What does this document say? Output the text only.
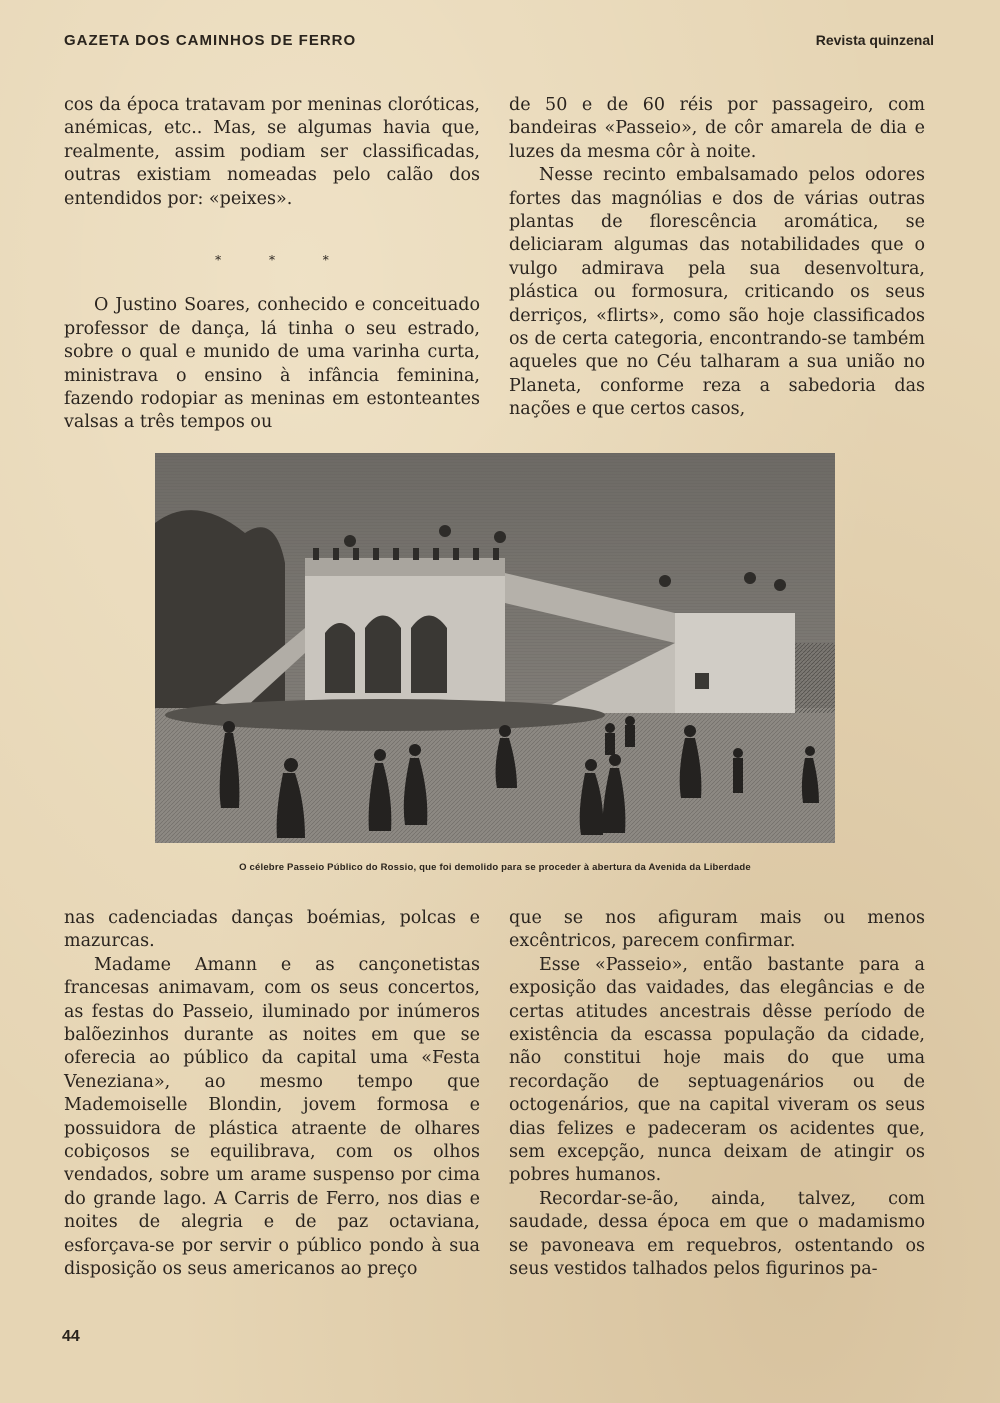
GAZETA DOS CAMINHOS DE FERRO	Revista quinzenal

cos da época tratavam por meninas cloróticas, anémicas, etc.. Mas, se algumas havia que, realmente, assim podiam ser classificadas, outras existiam nomeadas pelo calão dos entendidos por: «peixes».

* * *

O Justino Soares, conhecido e conceituado professor de dança, lá tinha o seu estrado, sobre o qual e munido de uma varinha curta, ministrava o ensino à infância feminina, fazendo rodopiar as meninas em estonteantes valsas a três tempos ou

de 50 e de 60 réis por passageiro, com bandeiras «Passeio», de côr amarela de dia e luzes da mesma côr à noite.

Nesse recinto embalsamado pelos odores fortes das magnólias e dos de várias outras plantas de florescência aromática, se deliciaram algumas das notabilidades que o vulgo admirava pela sua desenvoltura, plástica ou formosura, criticando os seus derriços, «flirts», como são hoje classificados os de certa categoria, encontrando-se também aqueles que no Céu talharam a sua união no Planeta, conforme reza a sabedoria das nações e que certos casos,

O célebre Passeio Público do Rossio, que foi demolido para se proceder à abertura da Avenida da Liberdade

nas cadenciadas danças boémias, polcas e mazurcas.

Madame Amann e as cançonetistas francesas animavam, com os seus concertos, as festas do Passeio, iluminado por inúmeros balõezinhos durante as noites em que se oferecia ao público da capital uma «Festa Veneziana», ao mesmo tempo que Mademoiselle Blondin, jovem formosa e possuidora de plástica atraente de olhares cobiçosos se equilibrava, com os olhos vendados, sobre um arame suspenso por cima do grande lago. A Carris de Ferro, nos dias e noites de alegria e de paz octaviana, esforçava-se por servir o público pondo à sua disposição os seus americanos ao preço

que se nos afiguram mais ou menos excêntricos, parecem confirmar.

Esse «Passeio», então bastante para a exposição das vaidades, das elegâncias e de certas atitudes ancestrais dêsse período de existência da escassa população da cidade, não constitui hoje mais do que uma recordação de septuagenários ou de octogenários, que na capital viveram os seus dias felizes e padeceram os acidentes que, sem excepção, nunca deixam de atingir os pobres humanos.

Recordar-se-ão, ainda, talvez, com saudade, dessa época em que o madamismo se pavoneava em requebros, ostentando os seus vestidos talhados pelos figurinos pa-

44
